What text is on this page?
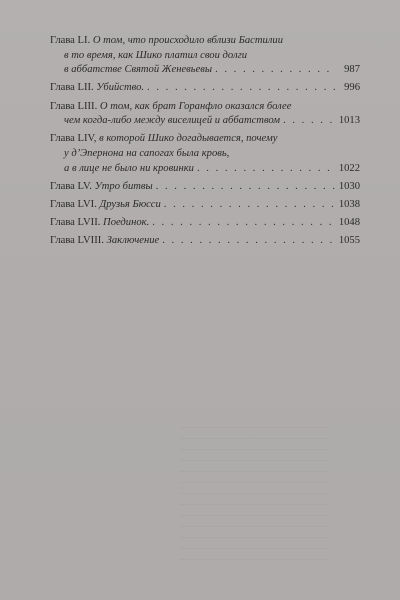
Глава LI.
О том, что происходило вблизи Бастилии
в то время, как Шико платил свои долги
в аббатстве Святой Женевьевы . . .	987
Глава LII.
Убийство. . . .	996
Глава LIII.
О том, как брат Горанфло оказался более
чем когда-либо между виселицей и аббатством . . .	1013
Глава LIV,
в которой Шико догадывается, почему
у д’Эпернона на сапогах была кровь,
а в лице не было ни кровинки . . .	1022
Глава LV.
Утро битвы . . .	1030
Глава LVI.
Друзья Бюсси . . .	1038
Глава LVII.
Поединок. . . .	1048
Глава LVIII.
Заключение . . .	1055
